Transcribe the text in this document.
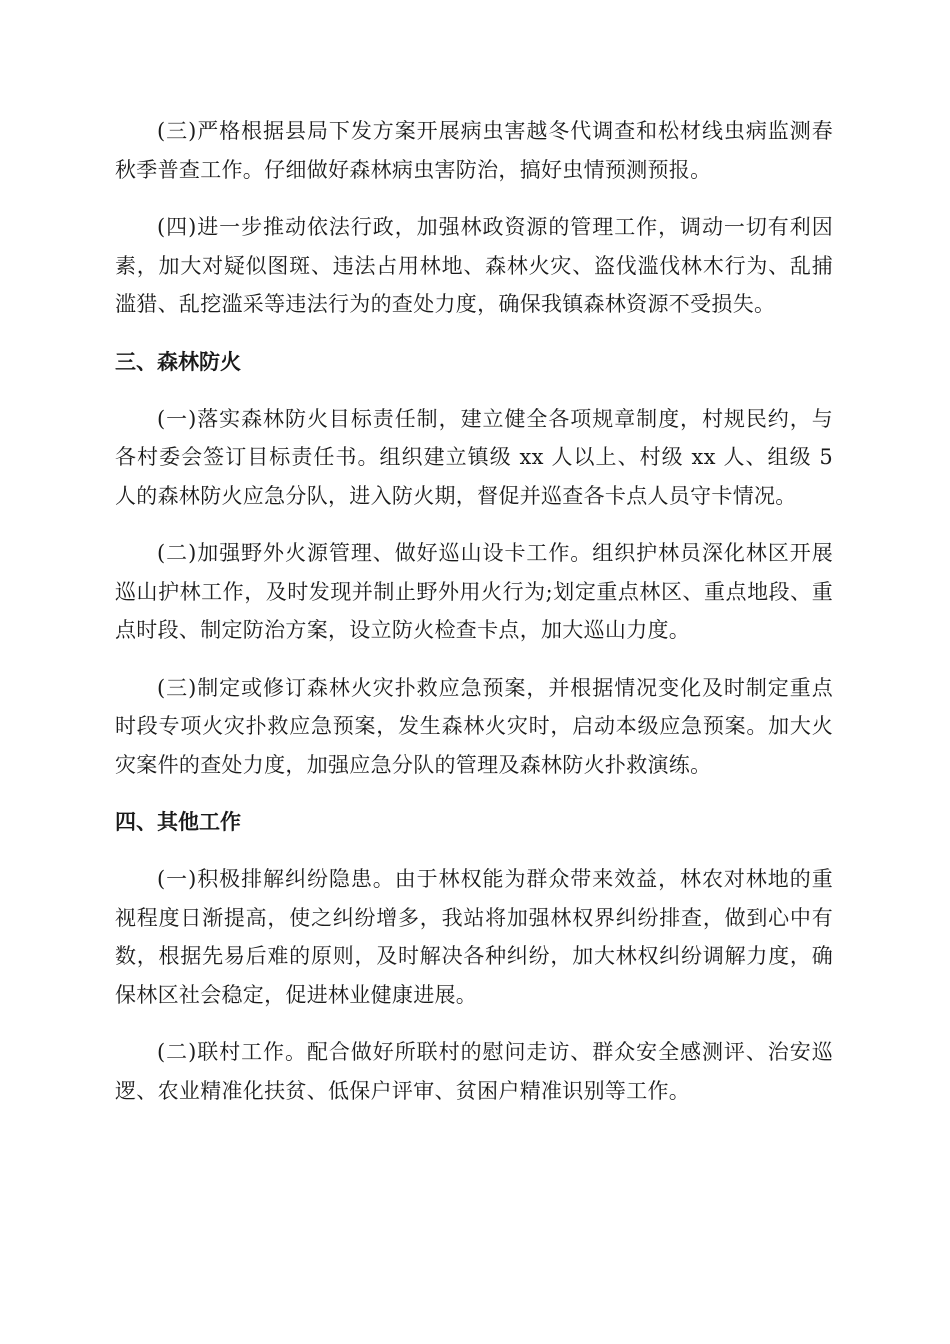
(三)严格根据县局下发方案开展病虫害越冬代调查和松材线虫病监测春秋季普查工作。仔细做好森林病虫害防治，搞好虫情预测预报。

(四)进一步推动依法行政，加强林政资源的管理工作，调动一切有利因素，加大对疑似图斑、违法占用林地、森林火灾、盗伐滥伐林木行为、乱捕滥猎、乱挖滥采等违法行为的查处力度，确保我镇森林资源不受损失。

三、森林防火

(一)落实森林防火目标责任制，建立健全各项规章制度，村规民约，与各村委会签订目标责任书。组织建立镇级 xx 人以上、村级 xx 人、组级 5 人的森林防火应急分队，进入防火期，督促并巡查各卡点人员守卡情况。

(二)加强野外火源管理、做好巡山设卡工作。组织护林员深化林区开展巡山护林工作，及时发现并制止野外用火行为;划定重点林区、重点地段、重点时段、制定防治方案，设立防火检查卡点，加大巡山力度。

(三)制定或修订森林火灾扑救应急预案，并根据情况变化及时制定重点时段专项火灾扑救应急预案，发生森林火灾时，启动本级应急预案。加大火灾案件的查处力度，加强应急分队的管理及森林防火扑救演练。

四、其他工作

(一)积极排解纠纷隐患。由于林权能为群众带来效益，林农对林地的重视程度日渐提高，使之纠纷增多，我站将加强林权界纠纷排查，做到心中有数，根据先易后难的原则，及时解决各种纠纷，加大林权纠纷调解力度，确保林区社会稳定，促进林业健康进展。

(二)联村工作。配合做好所联村的慰问走访、群众安全感测评、治安巡逻、农业精准化扶贫、低保户评审、贫困户精准识别等工作。
